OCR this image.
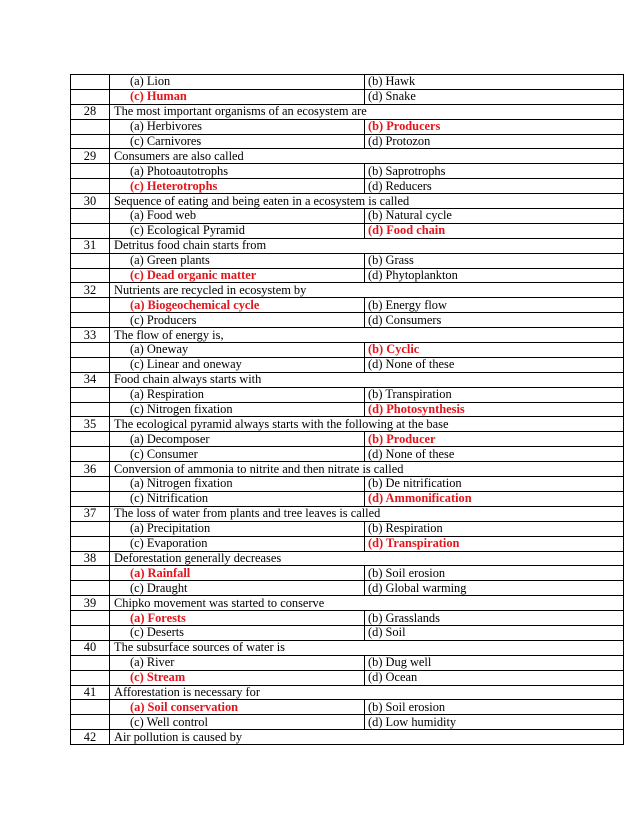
	(a) Lion	(b) Hawk
	(c) Human	(d) Snake
28	The most important organisms of an ecosystem are	
	(a) Herbivores	(b) Producers
	(c) Carnivores	(d) Protozon
29	Consumers are also called	
	(a) Photoautotrophs	(b) Saprotrophs
	(c) Heterotrophs	(d) Reducers
30	Sequence of eating and being eaten in a ecosystem is called	
	(a) Food web	(b) Natural cycle
	(c) Ecological Pyramid	(d) Food chain
31	Detritus food chain starts from	
	(a) Green plants	(b) Grass
	(c) Dead organic matter	(d) Phytoplankton
32	Nutrients are recycled in ecosystem by	
	(a) Biogeochemical cycle	(b) Energy flow
	(c) Producers	(d) Consumers
33	The flow of energy is,	
	(a) Oneway	(b) Cyclic
	(c) Linear and oneway	(d) None of these
34	Food chain always starts with	
	(a) Respiration	(b) Transpiration
	(c) Nitrogen fixation	(d) Photosynthesis
35	The ecological pyramid always starts with the following at the base	
	(a) Decomposer	(b) Producer
	(c) Consumer	(d) None of these
36	Conversion of ammonia to nitrite and then nitrate is called	
	(a) Nitrogen fixation	(b) De nitrification
	(c) Nitrification	(d) Ammonification
37	The loss of water from plants and tree leaves is called	
	(a) Precipitation	(b) Respiration
	(c) Evaporation	(d) Transpiration
38	Deforestation generally decreases	
	(a) Rainfall	(b) Soil erosion
	(c) Draught	(d) Global warming
39	Chipko movement was started to conserve	
	(a) Forests	(b) Grasslands
	(c) Deserts	(d) Soil
40	The subsurface sources of water is	
	(a) River	(b) Dug well
	(c) Stream	(d) Ocean
41	Afforestation is necessary for	
	(a) Soil conservation	(b) Soil erosion
	(c) Well control	(d) Low humidity
42	Air pollution is caused by	
